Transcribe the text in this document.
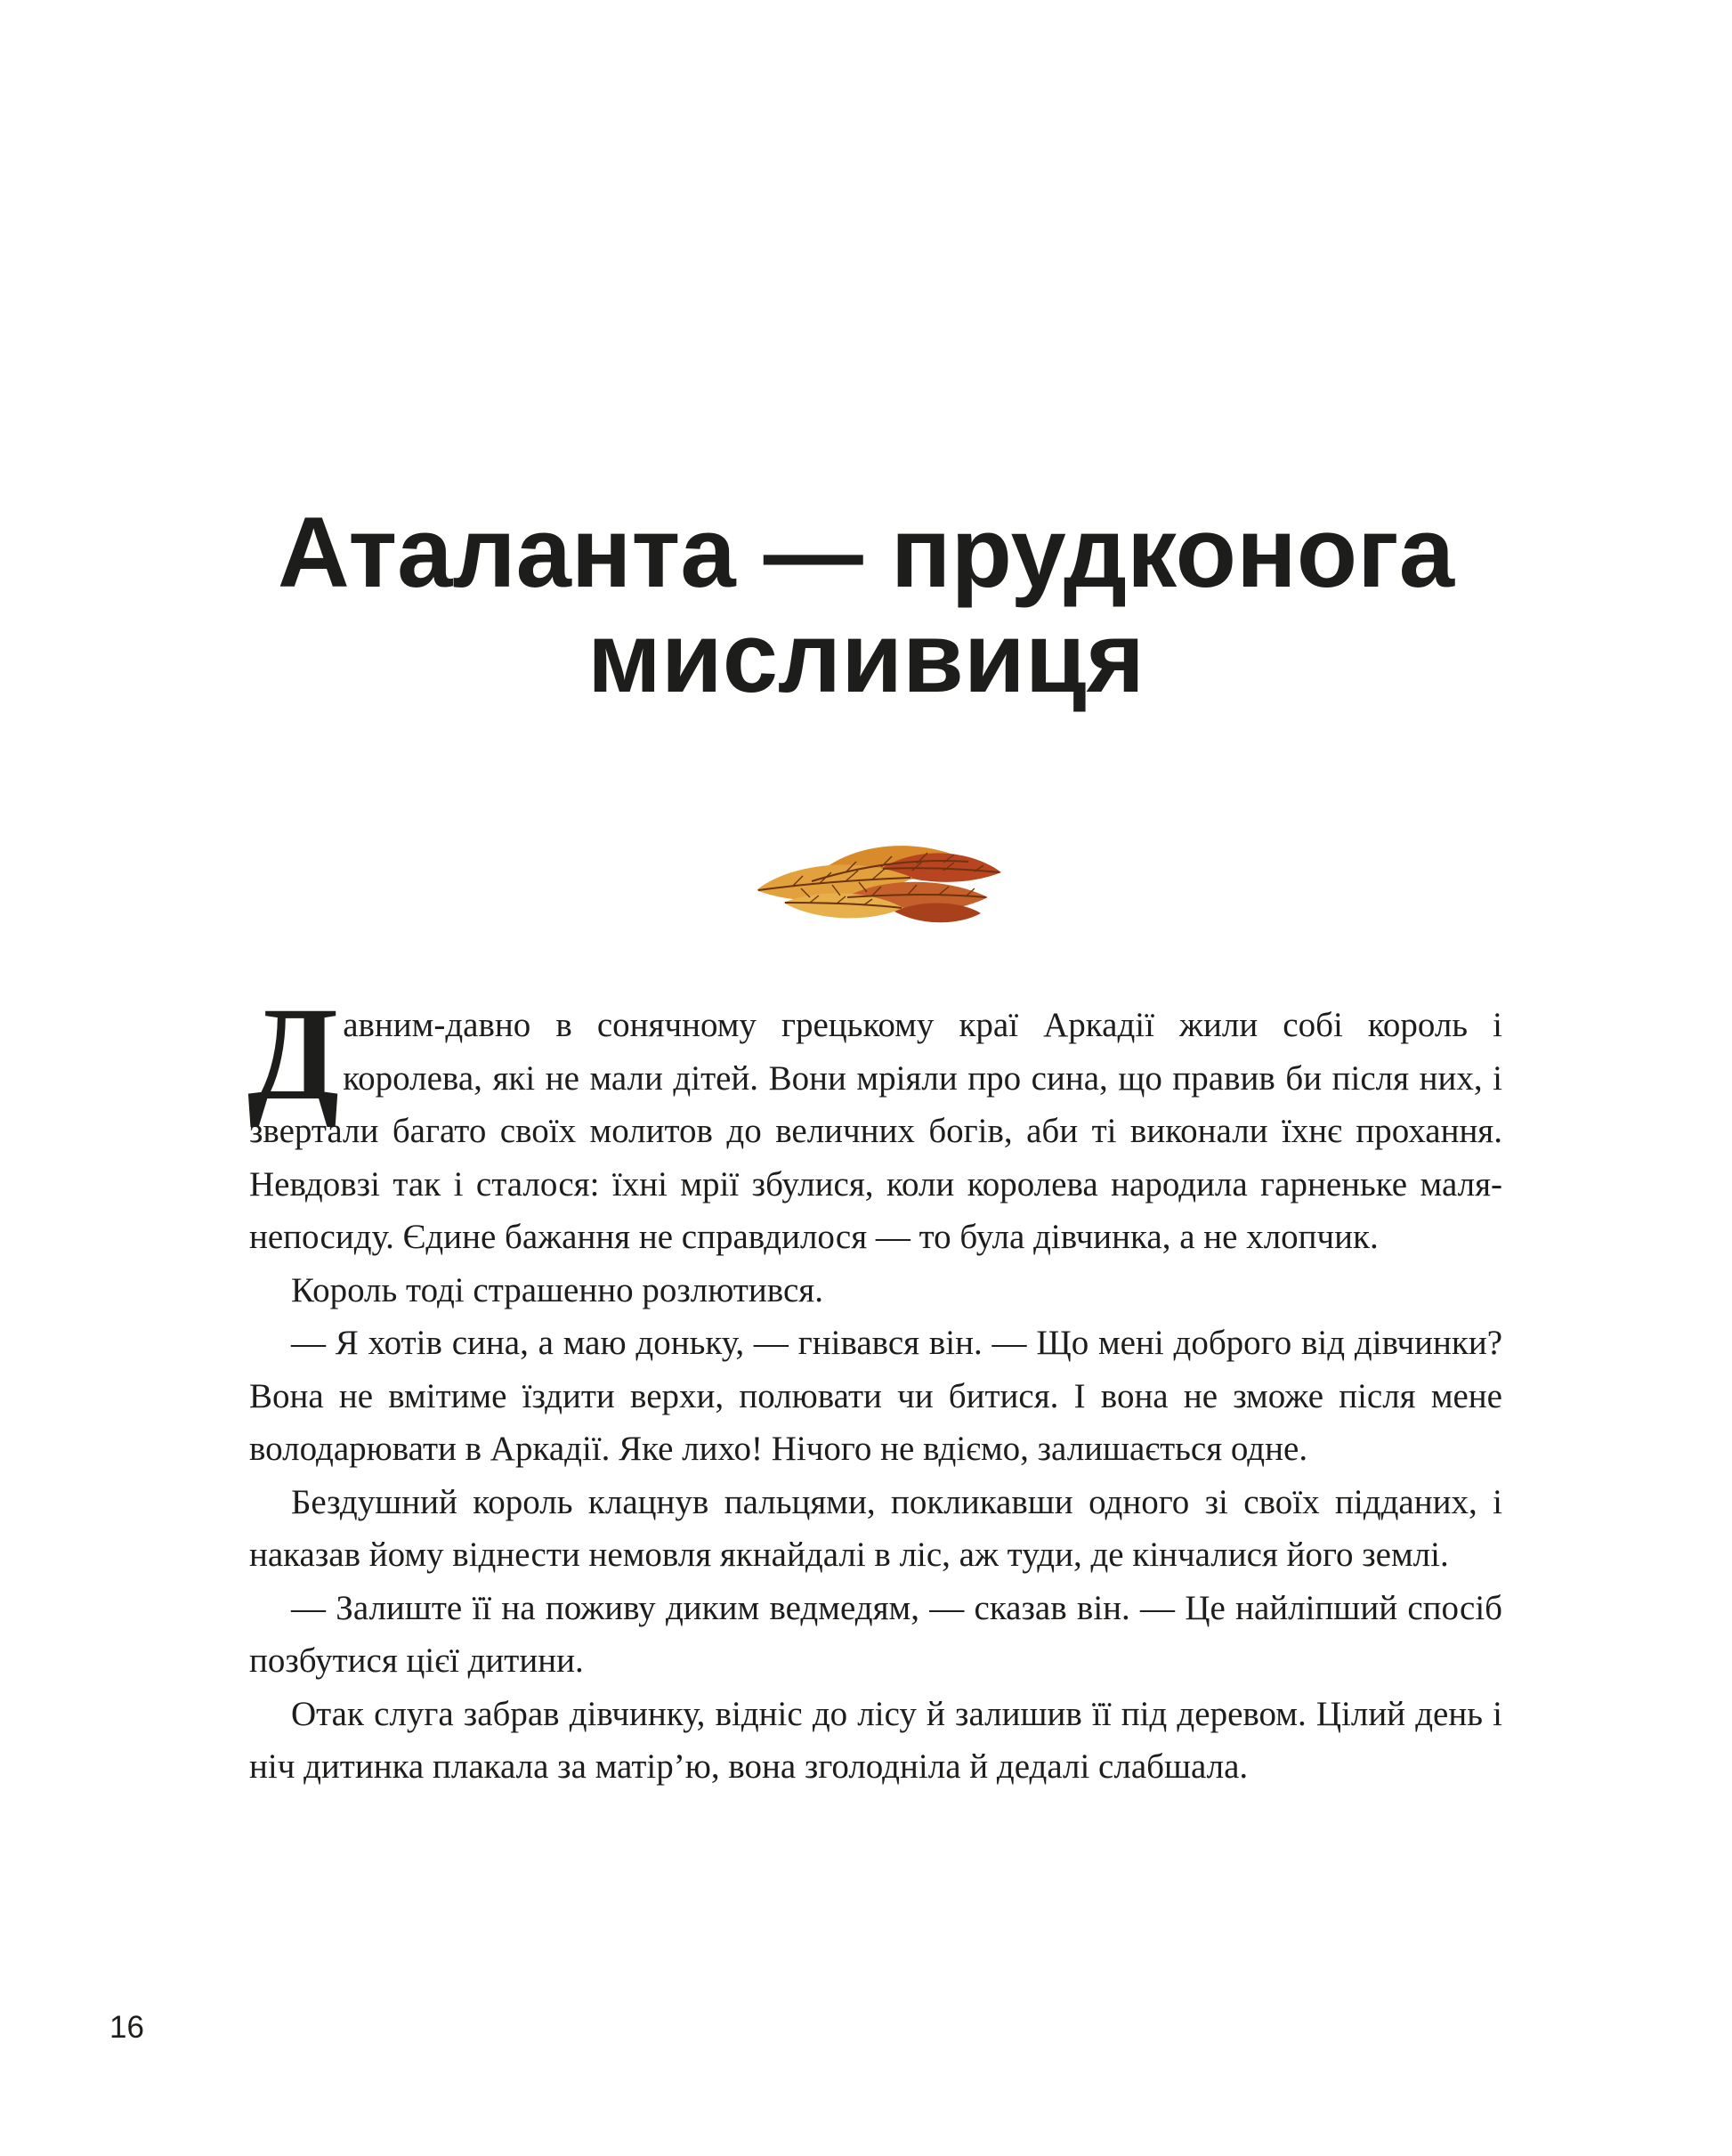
Аталанта — прудконога
мисливиця

Давним-давно в сонячному грецькому краї Аркадії жили собі король і королева, які не мали дітей. Вони мріяли про сина, що правив би після них, і звертали багато своїх молитов до величних богів, аби ті виконали їхнє прохання. Невдовзі так і сталося: їхні мрії збулися, коли королева народила гарненьке маля-непосиду. Єдине бажання не справдилося — то була дівчинка, а не хлопчик.

Король тоді страшенно розлютився.

— Я хотів сина, а маю доньку, — гнівався він. — Що мені доброго від дівчинки? Вона не вмітиме їздити верхи, полювати чи битися. І вона не зможе після мене володарювати в Аркадії. Яке лихо! Нічого не вдіємо, залишається одне.

Бездушний король клацнув пальцями, покликавши одного зі своїх підданих, і наказав йому віднести немовля якнайдалі в ліс, аж туди, де кінчалися його землі.

— Залиште її на поживу диким ведмедям, — сказав він. — Це найліпший спосіб позбутися цієї дитини.

Отак слуга забрав дівчинку, відніс до лісу й залишив її під деревом. Цілий день і ніч дитинка плакала за матір’ю, вона зголодніла й дедалі слабшала.

16
